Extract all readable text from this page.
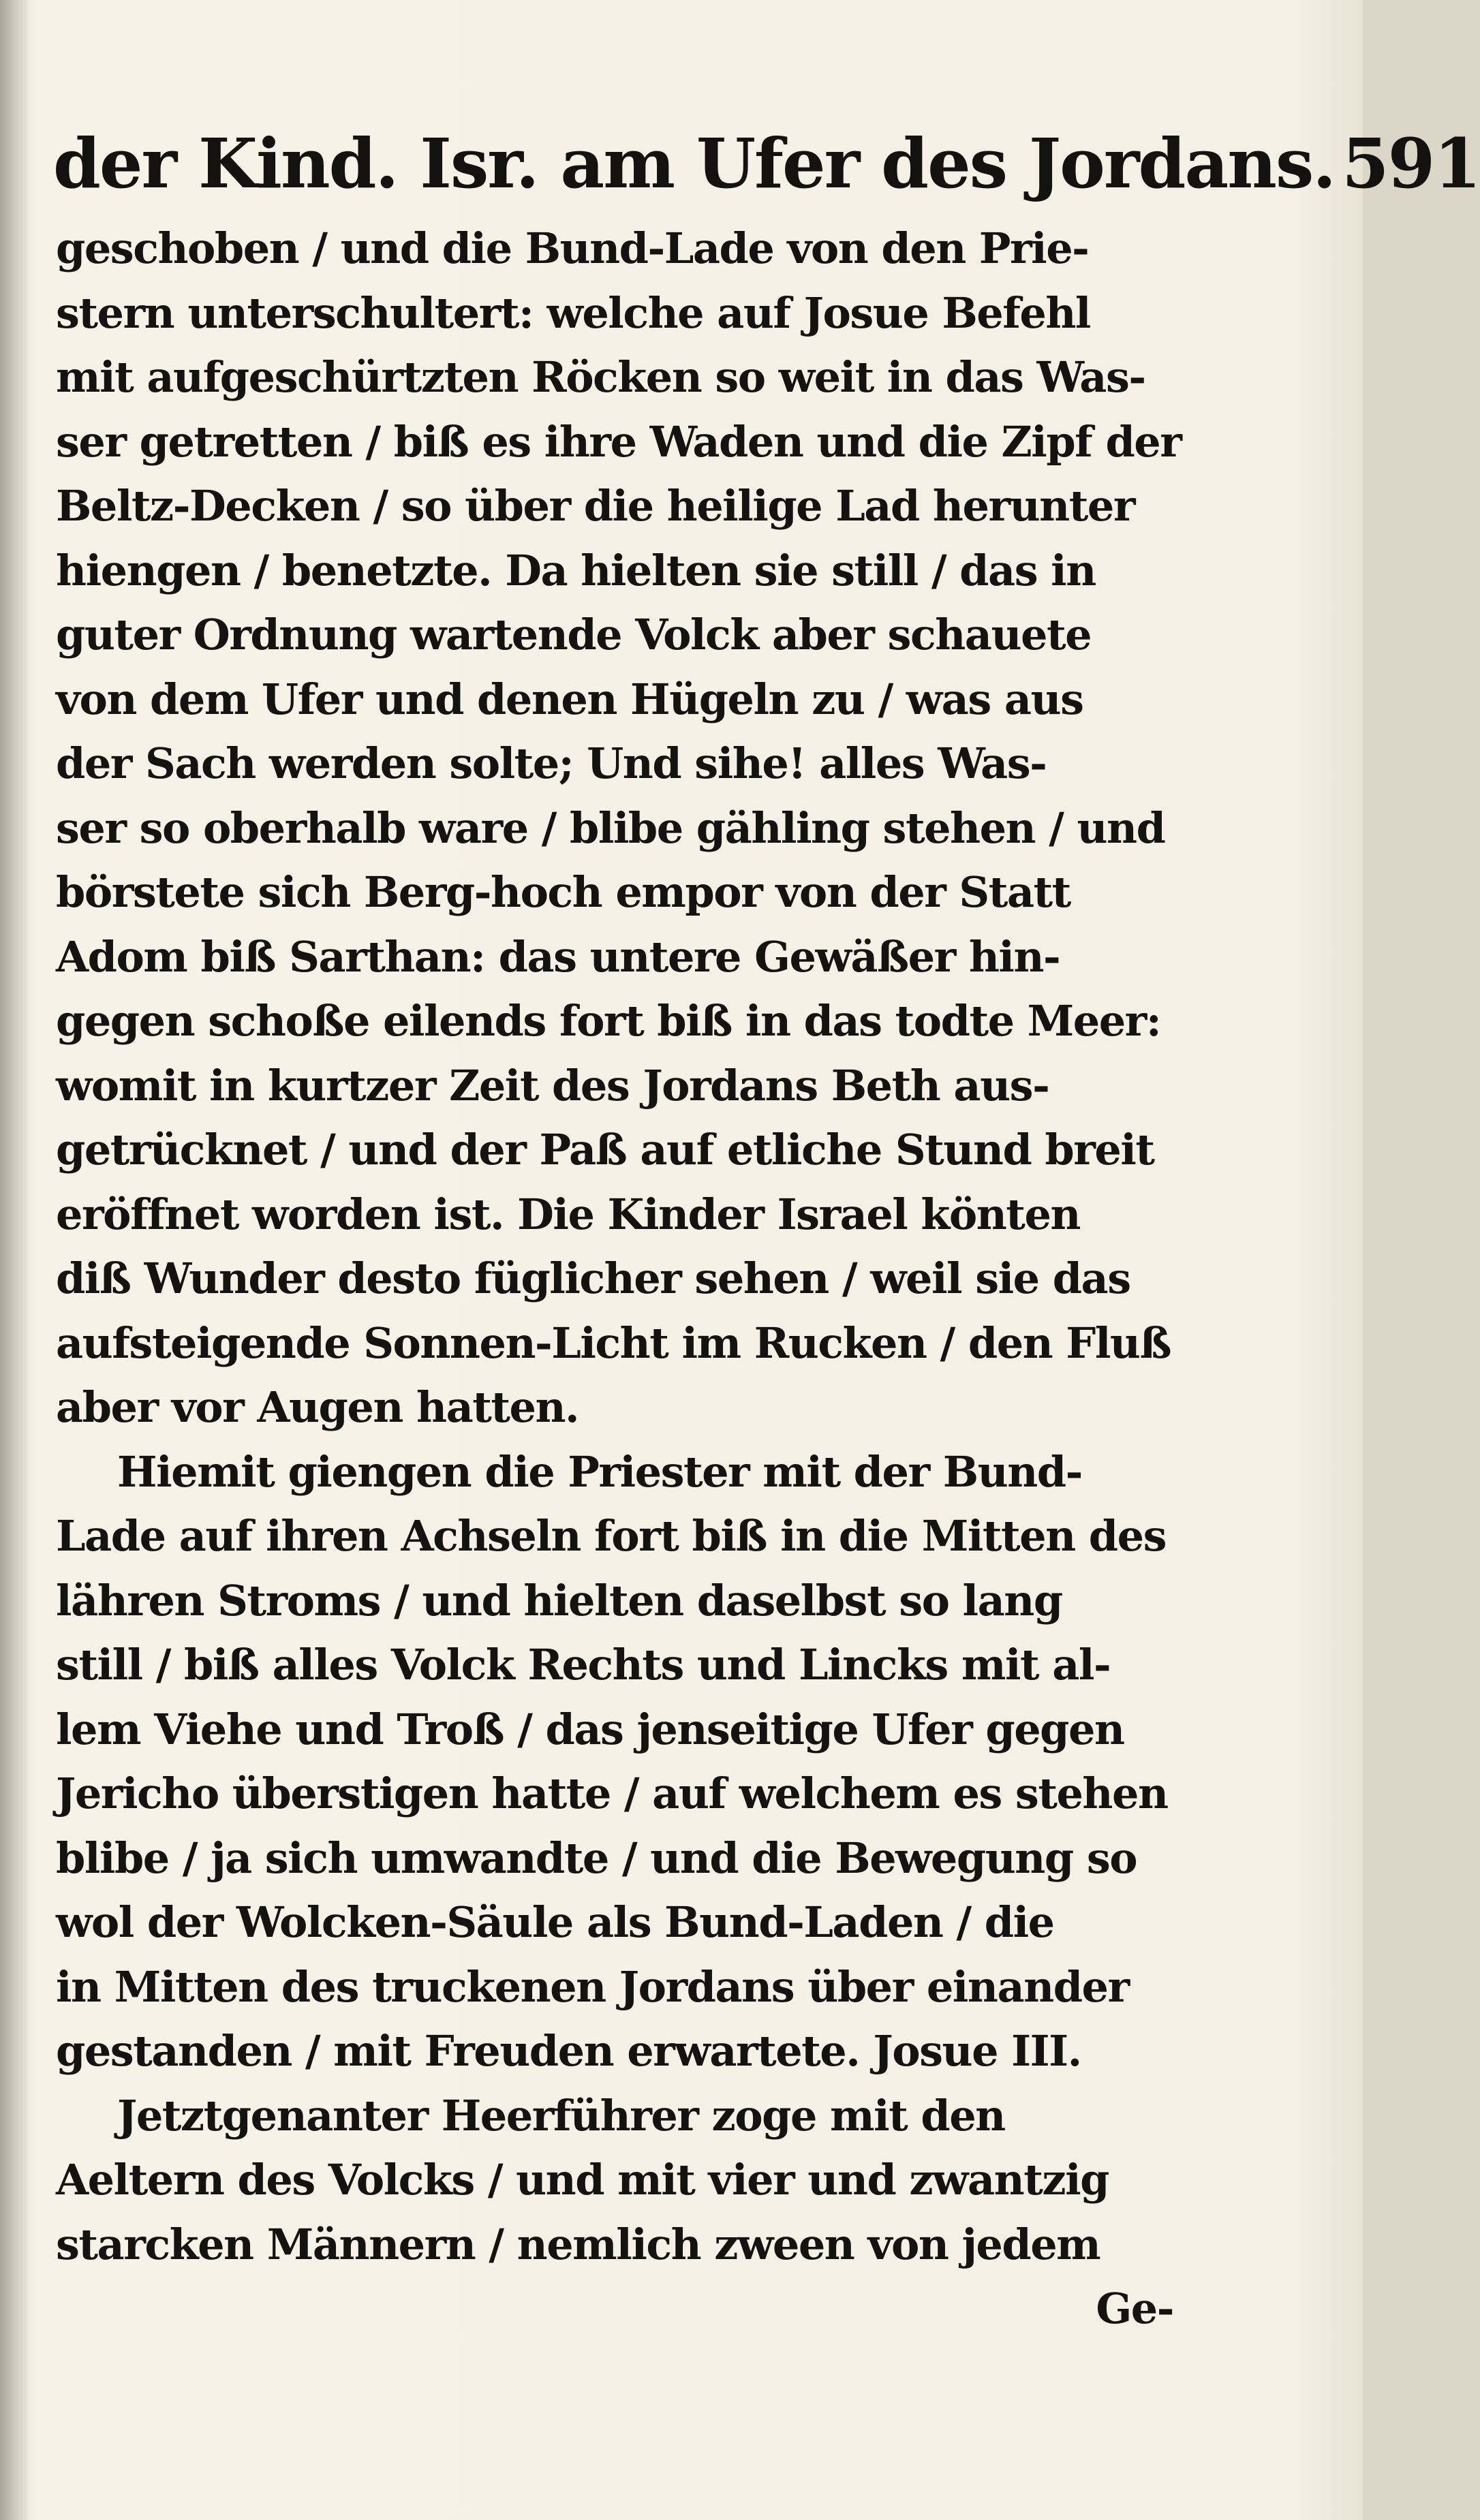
der Kind. Isr. am Ufer des Jordans. 591
geschoben / und die Bund-Lade von den Prie-
stern unterschultert: welche auf Josue Befehl
mit aufgeschürtzten Röcken so weit in das Was-
ser getretten / biß es ihre Waden und die Zipf der
Beltz-Decken / so über die heilige Lad herunter
hiengen / benetzte. Da hielten sie still / das in
guter Ordnung wartende Volck aber schauete
von dem Ufer und denen Hügeln zu / was aus
der Sach werden solte; Und sihe! alles Was-
ser so oberhalb ware / blibe gähling stehen / und
börstete sich Berg-hoch empor von der Statt
Adom biß Sarthan: das untere Gewäßer hin-
gegen schoße eilends fort biß in das todte Meer:
womit in kurtzer Zeit des Jordans Beth aus-
getrücknet / und der Paß auf etliche Stund breit
eröffnet worden ist. Die Kinder Israel könten
diß Wunder desto füglicher sehen / weil sie das
aufsteigende Sonnen-Licht im Rucken / den Fluß
aber vor Augen hatten.
Hiemit giengen die Priester mit der Bund-
Lade auf ihren Achseln fort biß in die Mitten des
lähren Stroms / und hielten daselbst so lang
still / biß alles Volck Rechts und Lincks mit al-
lem Viehe und Troß / das jenseitige Ufer gegen
Jericho überstigen hatte / auf welchem es stehen
blibe / ja sich umwandte / und die Bewegung so
wol der Wolcken-Säule als Bund-Laden / die
in Mitten des truckenen Jordans über einander
gestanden / mit Freuden erwartete. Josue III.
Jetztgenanter Heerführer zoge mit den
Aeltern des Volcks / und mit vier und zwantzig
starcken Männern / nemlich zween von jedem
Ge-
